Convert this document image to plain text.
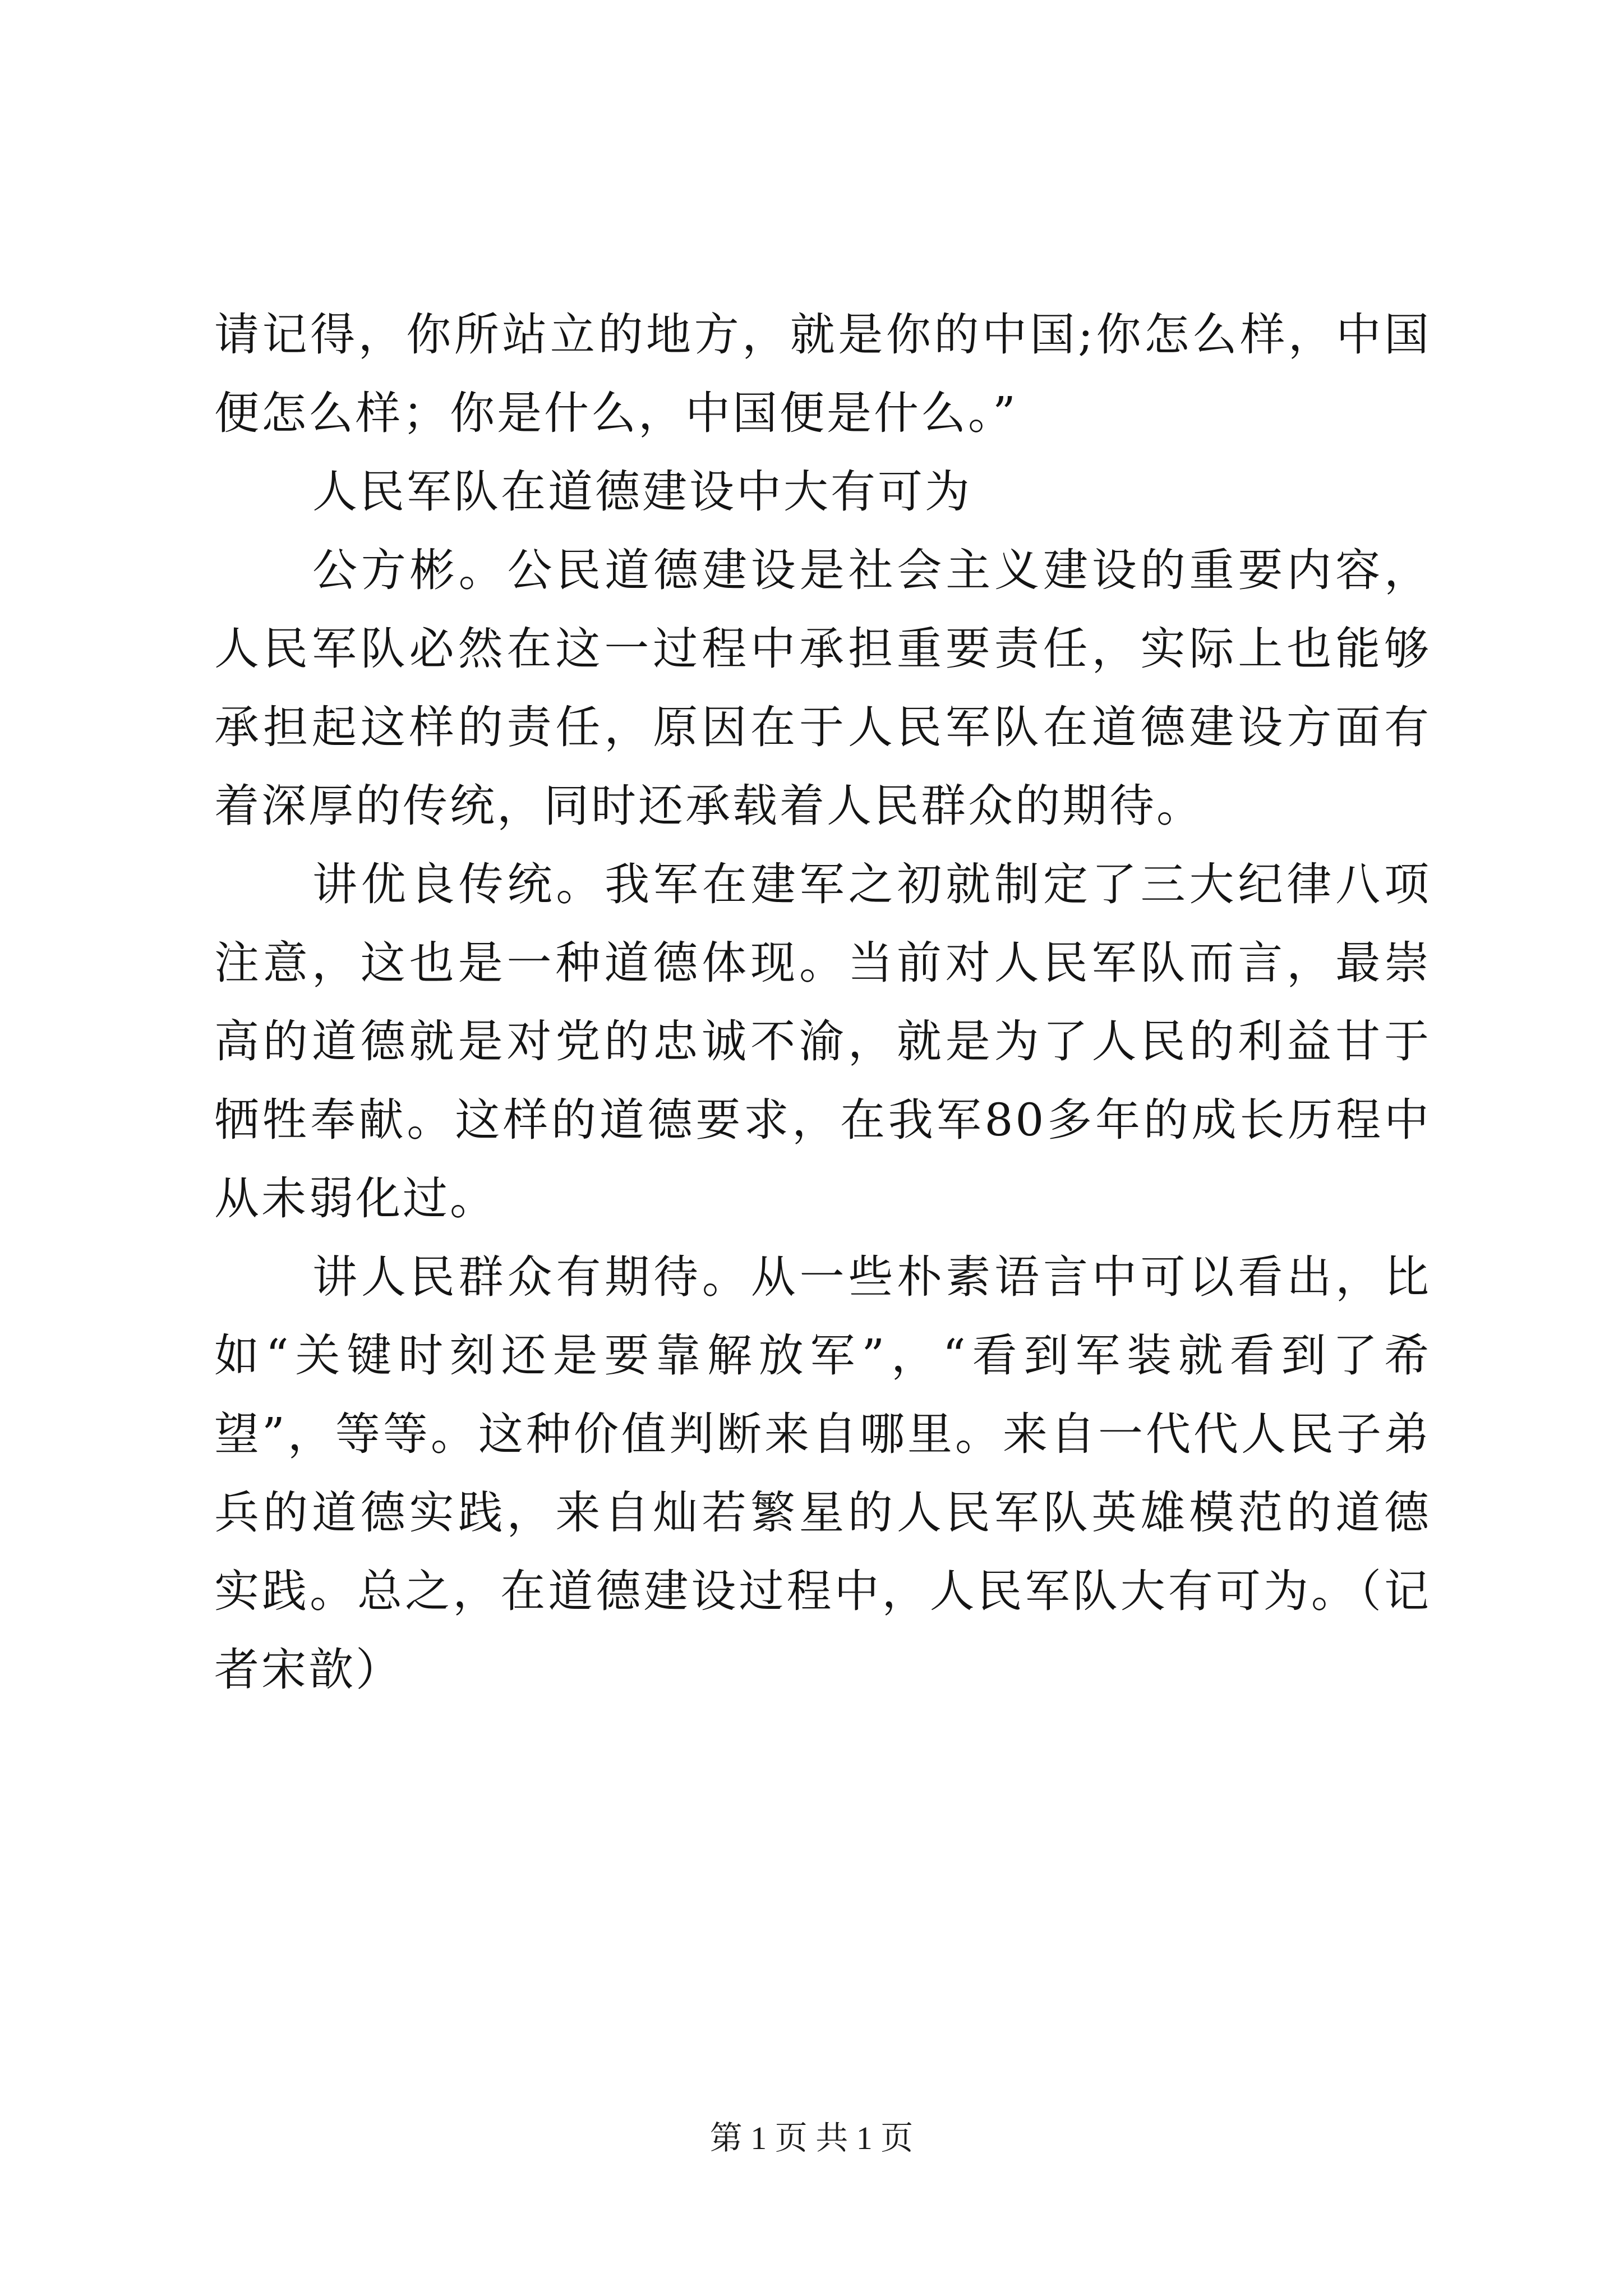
请记得，你所站立的地方，就是你的中国;你怎么样，中国便怎么样；你是什么，中国便是什么。”

人民军队在道德建设中大有可为

公方彬。公民道德建设是社会主义建设的重要内容，人民军队必然在这一过程中承担重要责任，实际上也能够承担起这样的责任，原因在于人民军队在道德建设方面有着深厚的传统，同时还承载着人民群众的期待。

讲优良传统。我军在建军之初就制定了三大纪律八项注意，这也是一种道德体现。当前对人民军队而言，最崇高的道德就是对党的忠诚不渝，就是为了人民的利益甘于牺牲奉献。这样的道德要求，在我军80多年的成长历程中从未弱化过。

讲人民群众有期待。从一些朴素语言中可以看出，比如“关键时刻还是要靠解放军”，“看到军装就看到了希望”，等等。这种价值判断来自哪里。来自一代代人民子弟兵的道德实践，来自灿若繁星的人民军队英雄模范的道德实践。总之，在道德建设过程中，人民军队大有可为。（记者宋歆）

第 1 页 共 1 页
